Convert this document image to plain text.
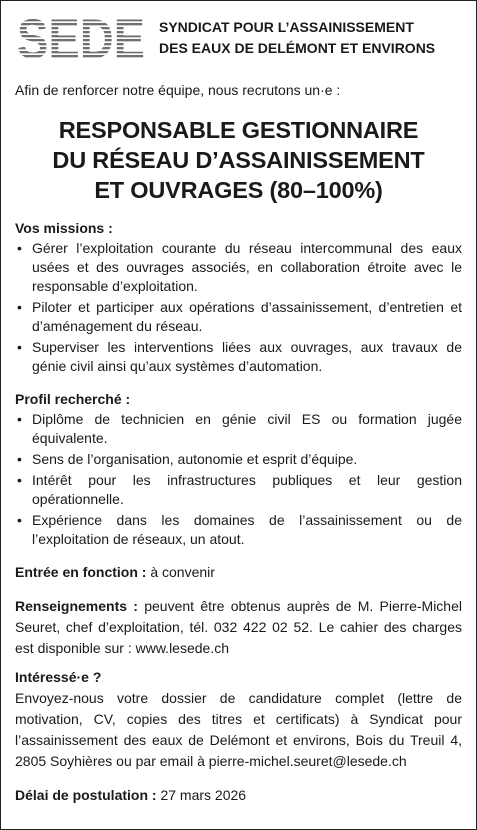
SEDE SYNDICAT POUR L’ASSAINISSEMENT
DES EAUX DE DELÉMONT ET ENVIRONS
Afin de renforcer notre équipe, nous recrutons un·e :
RESPONSABLE GESTIONNAIRE
DU RÉSEAU D’ASSAINISSEMENT
ET OUVRAGES (80–100%)
Vos missions :
• Gérer l’exploitation courante du réseau intercommunal des eaux usées et des ouvrages associés, en collaboration étroite avec le responsable d’exploitation.
• Piloter et participer aux opérations d’assainissement, d’entretien et d’aménagement du réseau.
• Superviser les interventions liées aux ouvrages, aux travaux de génie civil ainsi qu’aux systèmes d’automation.
Profil recherché :
• Diplôme de technicien en génie civil ES ou formation jugée équivalente.
• Sens de l’organisation, autonomie et esprit d’équipe.
• Intérêt pour les infrastructures publiques et leur gestion opérationnelle.
• Expérience dans les domaines de l’assainissement ou de l’exploitation de réseaux, un atout.
Entrée en fonction : à convenir
Renseignements : peuvent être obtenus auprès de M. Pierre-Michel Seuret, chef d’exploitation, tél. 032 422 02 52. Le cahier des charges est disponible sur : www.lesede.ch
Intéressé·e ?
Envoyez-nous votre dossier de candidature complet (lettre de motivation, CV, copies des titres et certificats) à Syndicat pour l’assainissement des eaux de Delémont et environs, Bois du Treuil 4, 2805 Soyhières ou par email à pierre-michel.seuret@lesede.ch
Délai de postulation : 27 mars 2026
